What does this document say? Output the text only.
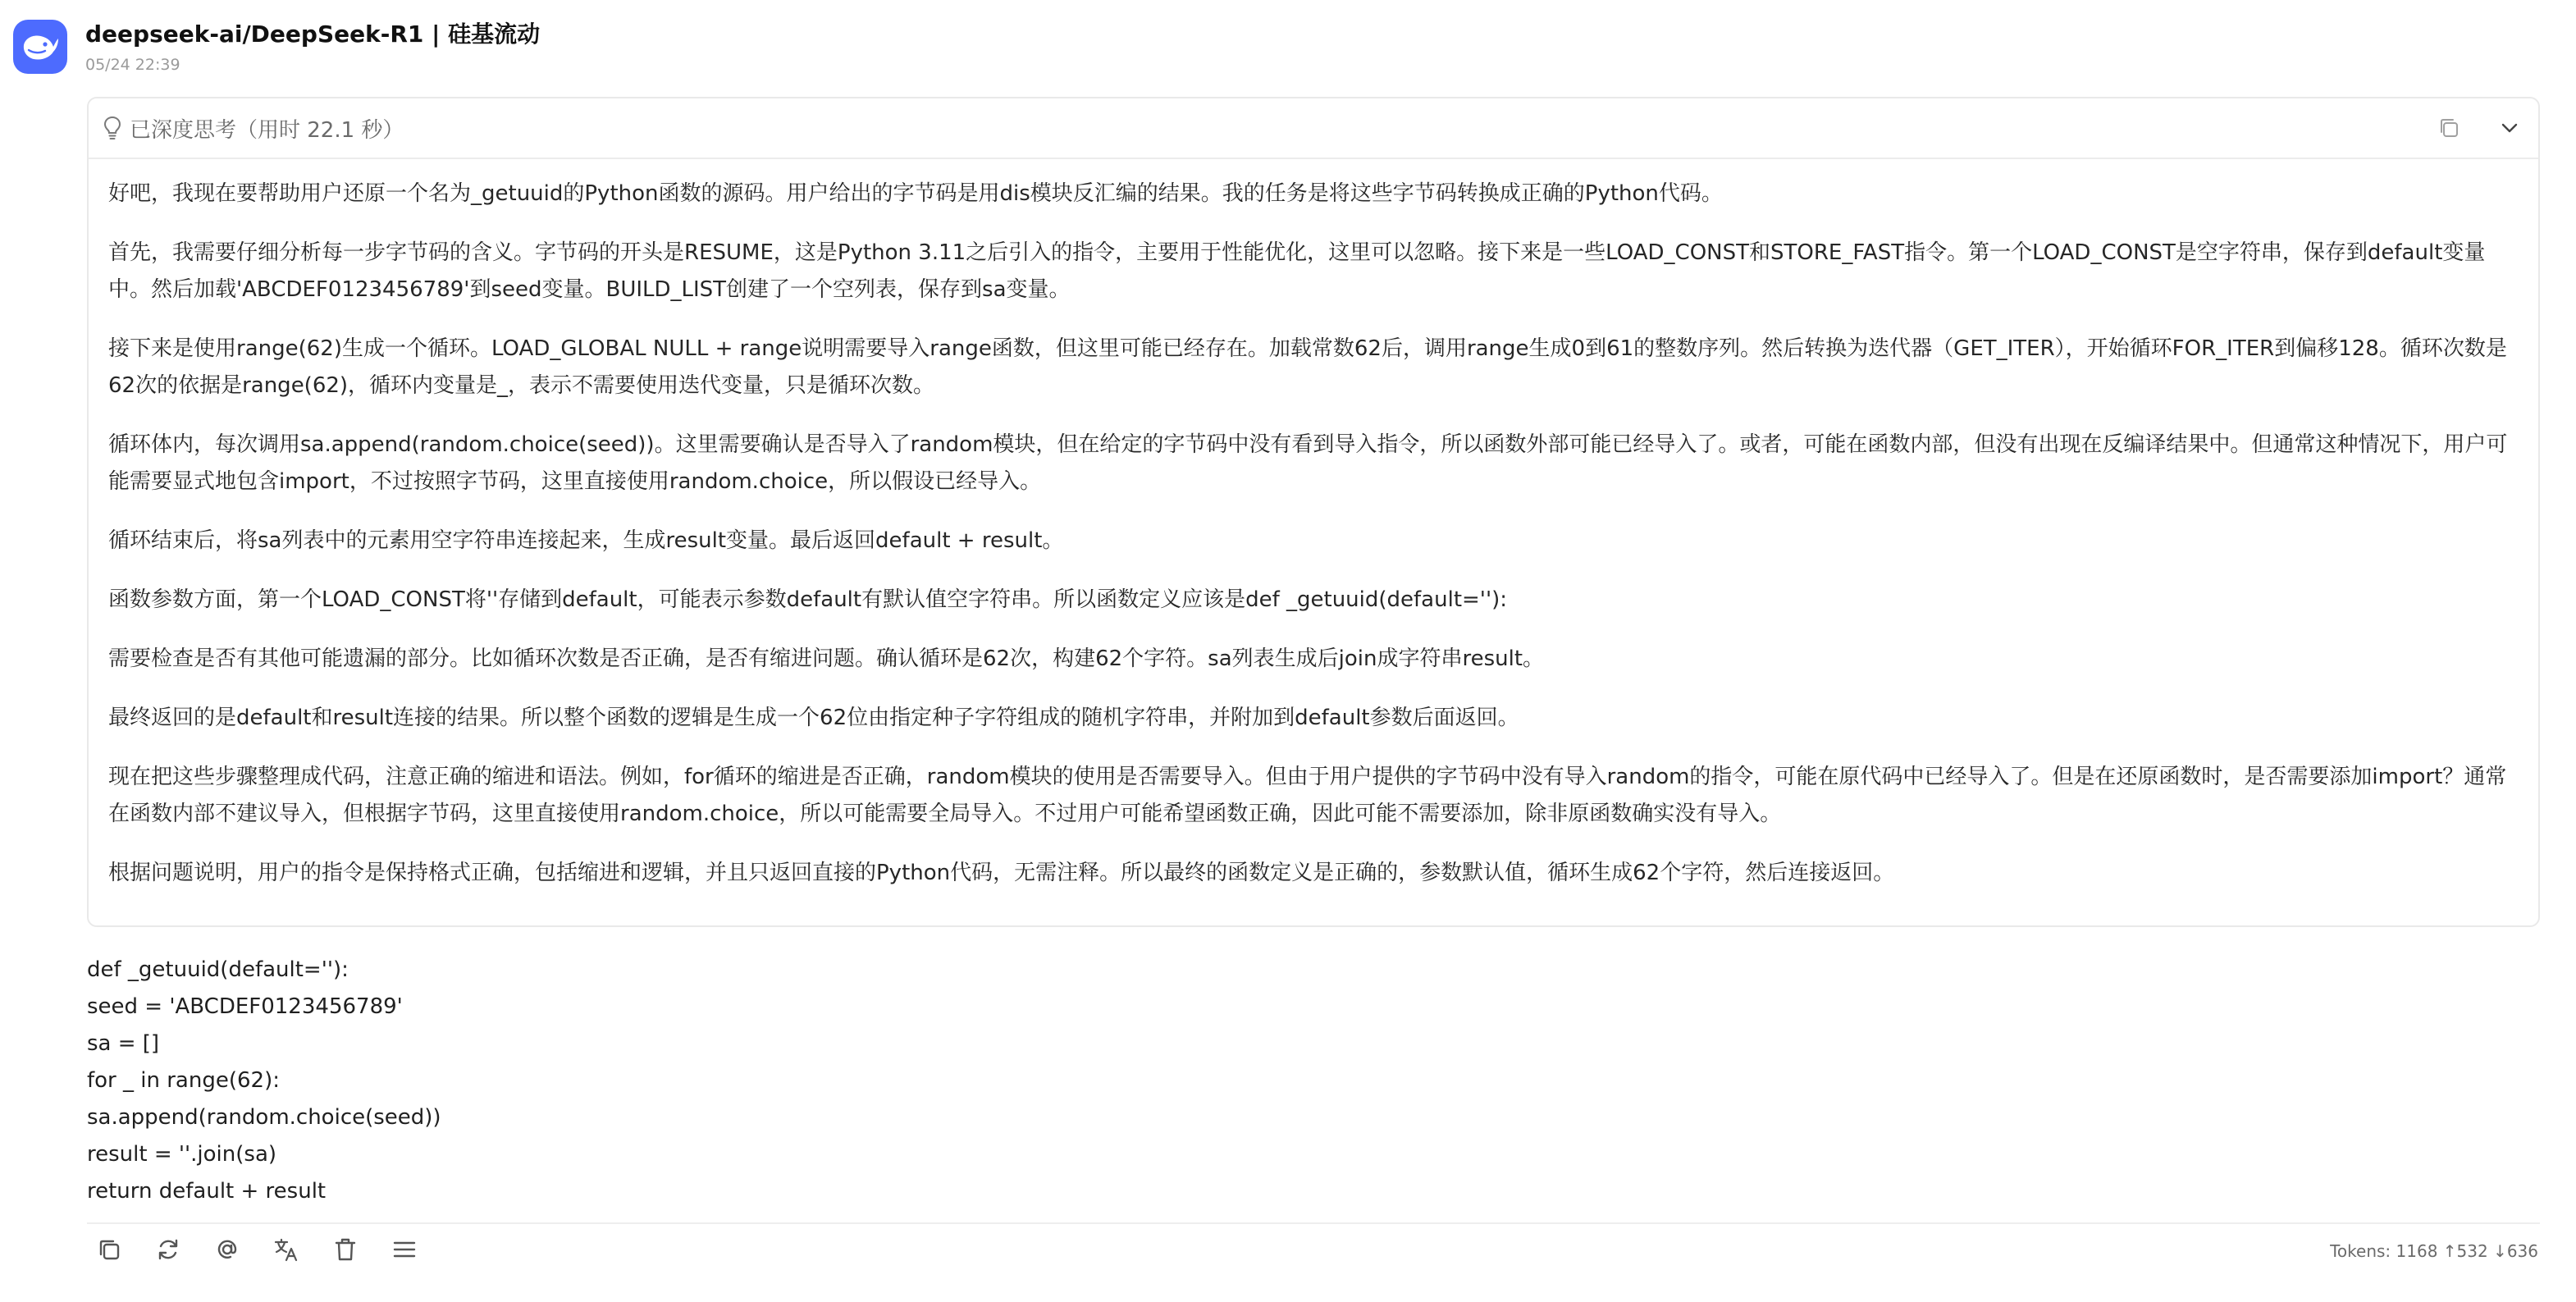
deepseek-ai/DeepSeek-R1 | 硅基流动
05/24 22:39
已深度思考（用时 22.1 秒）

好吧，我现在要帮助用户还原一个名为_getuuid的Python函数的源码。用户给出的字节码是用dis模块反汇编的结果。我的任务是将这些字节码转换成正确的Python代码。

首先，我需要仔细分析每一步字节码的含义。字节码的开头是RESUME，这是Python 3.11之后引入的指令，主要用于性能优化，这里可以忽略。接下来是一些LOAD_CONST和STORE_FAST指令。第一个LOAD_CONST是空字符串，保存到default变量中。然后加载'ABCDEF0123456789'到seed变量。BUILD_LIST创建了一个空列表，保存到sa变量。

接下来是使用range(62)生成一个循环。LOAD_GLOBAL NULL + range说明需要导入range函数，但这里可能已经存在。加载常数62后，调用range生成0到61的整数序列。然后转换为迭代器（GET_ITER），开始循环FOR_ITER到偏移128。循环次数是62次的依据是range(62)，循环内变量是_，表示不需要使用迭代变量，只是循环次数。

循环体内，每次调用sa.append(random.choice(seed))。这里需要确认是否导入了random模块，但在给定的字节码中没有看到导入指令，所以函数外部可能已经导入了。或者，可能在函数内部，但没有出现在反编译结果中。但通常这种情况下，用户可能需要显式地包含import，不过按照字节码，这里直接使用random.choice，所以假设已经导入。

循环结束后，将sa列表中的元素用空字符串连接起来，生成result变量。最后返回default + result。

函数参数方面，第一个LOAD_CONST将''存储到default，可能表示参数default有默认值空字符串。所以函数定义应该是def _getuuid(default=''):

需要检查是否有其他可能遗漏的部分。比如循环次数是否正确，是否有缩进问题。确认循环是62次，构建62个字符。sa列表生成后join成字符串result。

最终返回的是default和result连接的结果。所以整个函数的逻辑是生成一个62位由指定种子字符组成的随机字符串，并附加到default参数后面返回。

现在把这些步骤整理成代码，注意正确的缩进和语法。例如，for循环的缩进是否正确，random模块的使用是否需要导入。但由于用户提供的字节码中没有导入random的指令，可能在原代码中已经导入了。但是在还原函数时，是否需要添加import？通常在函数内部不建议导入，但根据字节码，这里直接使用random.choice，所以可能需要全局导入。不过用户可能希望函数正确，因此可能不需要添加，除非原函数确实没有导入。

根据问题说明，用户的指令是保持格式正确，包括缩进和逻辑，并且只返回直接的Python代码，无需注释。所以最终的函数定义是正确的，参数默认值，循环生成62个字符，然后连接返回。

def _getuuid(default=''):
seed = 'ABCDEF0123456789'
sa = []
for _ in range(62):
sa.append(random.choice(seed))
result = ''.join(sa)
return default + result
Tokens: 1168 ↑532 ↓636
